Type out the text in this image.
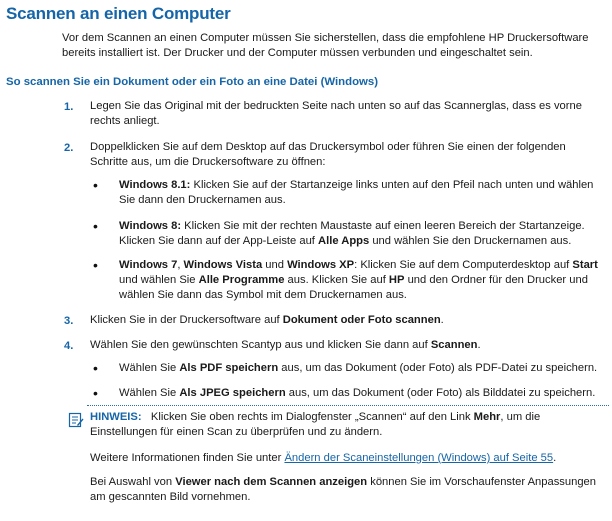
Scannen an einen Computer

Vor dem Scannen an einen Computer müssen Sie sicherstellen, dass die empfohlene HP Druckersoftware bereits installiert ist. Der Drucker und der Computer müssen verbunden und eingeschaltet sein.

So scannen Sie ein Dokument oder ein Foto an eine Datei (Windows)
1. Legen Sie das Original mit der bedruckten Seite nach unten so auf das Scannerglas, dass es vorne rechts anliegt.

2. Doppelklicken Sie auf dem Desktop auf das Druckersymbol oder führen Sie einen der folgenden Schritte aus, um die Druckersoftware zu öffnen:

• Windows 8.1: Klicken Sie auf der Startanzeige links unten auf den Pfeil nach unten und wählen Sie dann den Druckernamen aus.

• Windows 8: Klicken Sie mit der rechten Maustaste auf einen leeren Bereich der Startanzeige. Klicken Sie dann auf der App-Leiste auf Alle Apps und wählen Sie den Druckernamen aus.

• Windows 7, Windows Vista und Windows XP: Klicken Sie auf dem Computerdesktop auf Start und wählen Sie Alle Programme aus. Klicken Sie auf HP und den Ordner für den Drucker und wählen Sie dann das Symbol mit dem Druckernamen aus.

3. Klicken Sie in der Druckersoftware auf Dokument oder Foto scannen.

4. Wählen Sie den gewünschten Scantyp aus und klicken Sie dann auf Scannen.

• Wählen Sie Als PDF speichern aus, um das Dokument (oder Foto) als PDF-Datei zu speichern.

• Wählen Sie Als JPEG speichern aus, um das Dokument (oder Foto) als Bilddatei zu speichern.

HINWEIS: Klicken Sie oben rechts im Dialogfenster „Scannen“ auf den Link Mehr, um die Einstellungen für einen Scan zu überprüfen und zu ändern.

Weitere Informationen finden Sie unter Ändern der Scaneinstellungen (Windows) auf Seite 55.

Bei Auswahl von Viewer nach dem Scannen anzeigen können Sie im Vorschaufenster Anpassungen am gescannten Bild vornehmen.
